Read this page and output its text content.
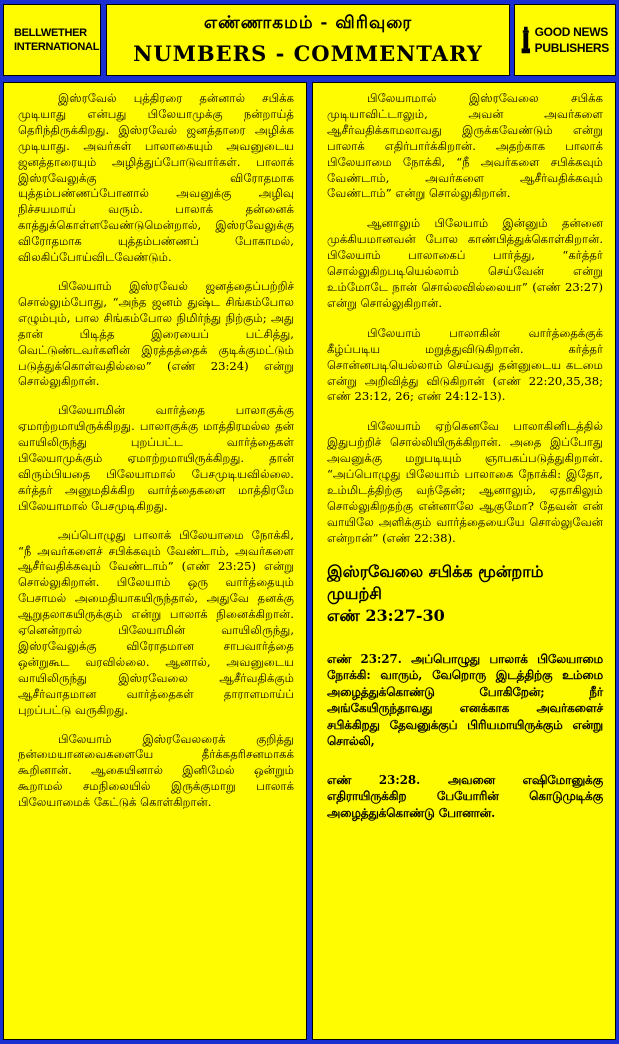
BELLWETHER
INTERNATIONAL
எண்ணாகமம் - விரிவுரை
NUMBERS - COMMENTARY
GOOD NEWS
PUBLISHERS

இஸ்ரவேல் புத்திரரை தன்னால் சபிக்க முடியாது என்பது பிலேயாமுக்கு நன்றாய்த் தெரிந்திருக்கிறது. இஸ்ரவேல் ஜனத்தாரை அழிக்க முடியாது. அவர்கள் பாலாகையும் அவனுடைய ஜனத்தாரையும் அழித்துப்போடுவார்கள். பாலாக் இஸ்ரவேலுக்கு விரோதமாக யுத்தம்பண்ணப்போனால் அவனுக்கு அழிவு நிச்சயமாய் வரும். பாலாக் தன்னைக் காத்துக்கொள்ளவேண்டுமென்றால், இஸ்ரவேலுக்கு விரோதமாக யுத்தம்பண்ணப் போகாமல், விலகிப்போய்விடவேண்டும்.

பிலேயாம் இஸ்ரவேல் ஜனத்தைப்பற்றிச் சொல்லும்போது, “அந்த ஜனம் துஷ்ட சிங்கம்போல எழும்பும், பால சிங்கம்போல நிமிர்ந்து நிற்கும்; அது தான் பிடித்த இரையைப் பட்சித்து, வெட்டுண்டவர்களின் இரத்தத்தைக் குடிக்குமட்டும் படுத்துக்கொள்வதில்லை” (எண் 23:24) என்று சொல்லுகிறான்.

பிலேயாமின் வார்த்தை பாலாகுக்கு ஏமாற்றமாயிருக்கிறது. பாலாகுக்கு மாத்திரமல்ல தன் வாயிலிருந்து புறப்பட்ட வார்த்தைகள் பிலேயாமுக்கும் ஏமாற்றமாயிருக்கிறது. தான் விரும்பியதை பிலேயாமால் பேசமுடியவில்லை. கர்த்தர் அனுமதிக்கிற வார்த்தைகளை மாத்திரமே பிலேயாமால் பேசமுடிகிறது.

அப்பொழுது பாலாக் பிலேயாமை நோக்கி, “நீ அவர்களைச் சபிக்கவும் வேண்டாம், அவர்களை ஆசீர்வதிக்கவும் வேண்டாம்” (எண் 23:25) என்று சொல்லுகிறான். பிலேயாம் ஒரு வார்த்தையும் பேசாமல் அமைதியாகயிருந்தால், அதுவே தனக்கு ஆறுதலாகயிருக்கும் என்று பாலாக் நினைக்கிறான். ஏனென்றால் பிலேயாமின் வாயிலிருந்து, இஸ்ரவேலுக்கு விரோதமான சாபவார்த்தை ஒன்றுகூட வரவில்லை. ஆனால், அவனுடைய வாயிலிருந்து இஸ்ரவேலை ஆசீர்வதிக்கும் ஆசீர்வாதமான வார்த்தைகள் தாராளமாய்ப் புறப்பட்டு வருகிறது.

பிலேயாம் இஸ்ரவேலரைக் குறித்து நன்மையானவைகளையே தீர்க்கதரிசனமாகக் கூறினான். ஆகையினால் இனிமேல் ஒன்றும் கூறாமல் சமநிலையில் இருக்குமாறு பாலாக் பிலேயாமைக் கேட்டுக் கொள்கிறான்.

பிலேயாமால் இஸ்ரவேலை சபிக்க முடியாவிட்டாலும், அவன் அவர்களை ஆசீர்வதிக்காமலாவது இருக்கவேண்டும் என்று பாலாக் எதிர்பார்க்கிறான். அதற்காக பாலாக் பிலேயாமை நோக்கி, “நீ அவர்களை சபிக்கவும் வேண்டாம், அவர்களை ஆசீர்வதிக்கவும் வேண்டாம்” என்று சொல்லுகிறான்.

ஆனாலும் பிலேயாம் இன்னும் தன்னை முக்கியமானவன் போல காண்பித்துக்கொள்கிறான். பிலேயாம் பாலாகைப் பார்த்து, “கர்த்தர் சொல்லுகிறபடியெல்லாம் செய்வேன் என்று உம்மோடே நான் சொல்லவில்லையா” (எண் 23:27) என்று சொல்லுகிறான்.

பிலேயாம் பாலாகின் வார்த்தைக்குக் கீழ்ப்படிய மறுத்துவிடுகிறான். கர்த்தர் சொன்னபடியெல்லாம் செய்வது தன்னுடைய கடமை என்று அறிவித்து விடுகிறான் (எண் 22:20,35,38; எண் 23:12, 26; எண் 24:12-13).

பிலேயாம் ஏற்கெனவே பாலாகினிடத்தில் இதுபற்றிச் சொல்லியிருக்கிறான். அதை இப்போது அவனுக்கு மறுபடியும் ஞாபகப்படுத்துகிறான். “அப்பொழுது பிலேயாம் பாலாகை நோக்கி: இதோ, உம்மிடத்திற்கு வந்தேன்; ஆனாலும், ஏதாகிலும் சொல்லுகிறதற்கு என்னாலே ஆகுமோ? தேவன் என் வாயிலே அளிக்கும் வார்த்தையையே சொல்லுவேன் என்றான்” (எண் 22:38).

இஸ்ரவேலை சபிக்க மூன்றாம் முயற்சி
எண் 23:27-30

எண் 23:27. அப்பொழுது பாலாக் பிலேயாமை நோக்கி: வாரும், வேறொரு இடத்திற்கு உம்மை அழைத்துக்கொண்டு போகிறேன்; நீர் அங்கேயிருந்தாவது எனக்காக அவர்களைச் சபிக்கிறது தேவனுக்குப் பிரியமாயிருக்கும் என்று சொல்லி,

எண் 23:28. அவனை எஷிமோனுக்கு எதிராயிருக்கிற பேயோரின் கொடுமுடிக்கு அழைத்துக்கொண்டு போனான்.
